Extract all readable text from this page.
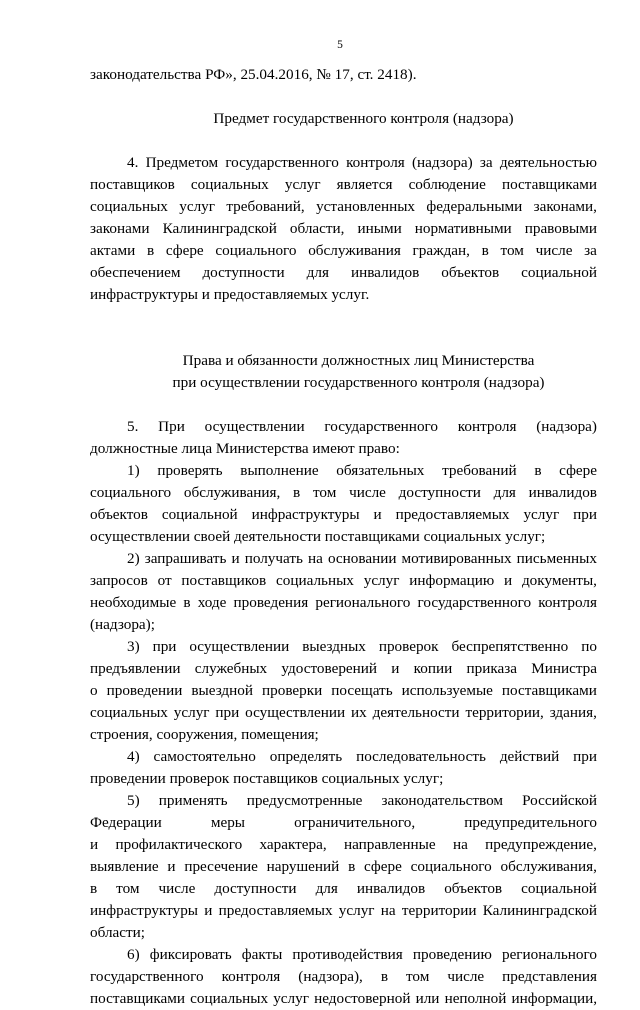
5
законодательства РФ», 25.04.2016, № 17, ст. 2418).
Предмет государственного контроля (надзора)
4. Предметом государственного контроля (надзора) за деятельностью
поставщиков социальных услуг является соблюдение поставщиками
социальных услуг требований, установленных федеральными законами,
законами Калининградской области, иными нормативными правовыми
актами в сфере социального обслуживания граждан, в том числе за
обеспечением доступности для инвалидов объектов социальной
инфраструктуры и предоставляемых услуг.
Права и обязанности должностных лиц Министерства
при осуществлении государственного контроля (надзора)
5. При осуществлении государственного контроля (надзора)
должностные лица Министерства имеют право:
1) проверять выполнение обязательных требований в сфере
социального обслуживания, в том числе доступности для инвалидов
объектов социальной инфраструктуры и предоставляемых услуг при
осуществлении своей деятельности поставщиками социальных услуг;
2) запрашивать и получать на основании мотивированных письменных
запросов от поставщиков социальных услуг информацию и документы,
необходимые в ходе проведения регионального государственного контроля
(надзора);
3) при осуществлении выездных проверок беспрепятственно по
предъявлении служебных удостоверений и копии приказа Министра
о проведении выездной проверки посещать используемые поставщиками
социальных услуг при осуществлении их деятельности территории, здания,
строения, сооружения, помещения;
4) самостоятельно определять последовательность действий при
проведении проверок поставщиков социальных услуг;
5) применять предусмотренные законодательством Российской
Федерации	меры	ограничительного,	предупредительного
и профилактического характера, направленные на предупреждение,
выявление и пресечение нарушений в сфере социального обслуживания,
в том числе доступности для инвалидов объектов социальной
инфраструктуры и предоставляемых услуг на территории Калининградской
области;
6) фиксировать факты противодействия проведению регионального
государственного контроля (надзора), в том числе представления
поставщиками социальных услуг недостоверной или неполной информации,
